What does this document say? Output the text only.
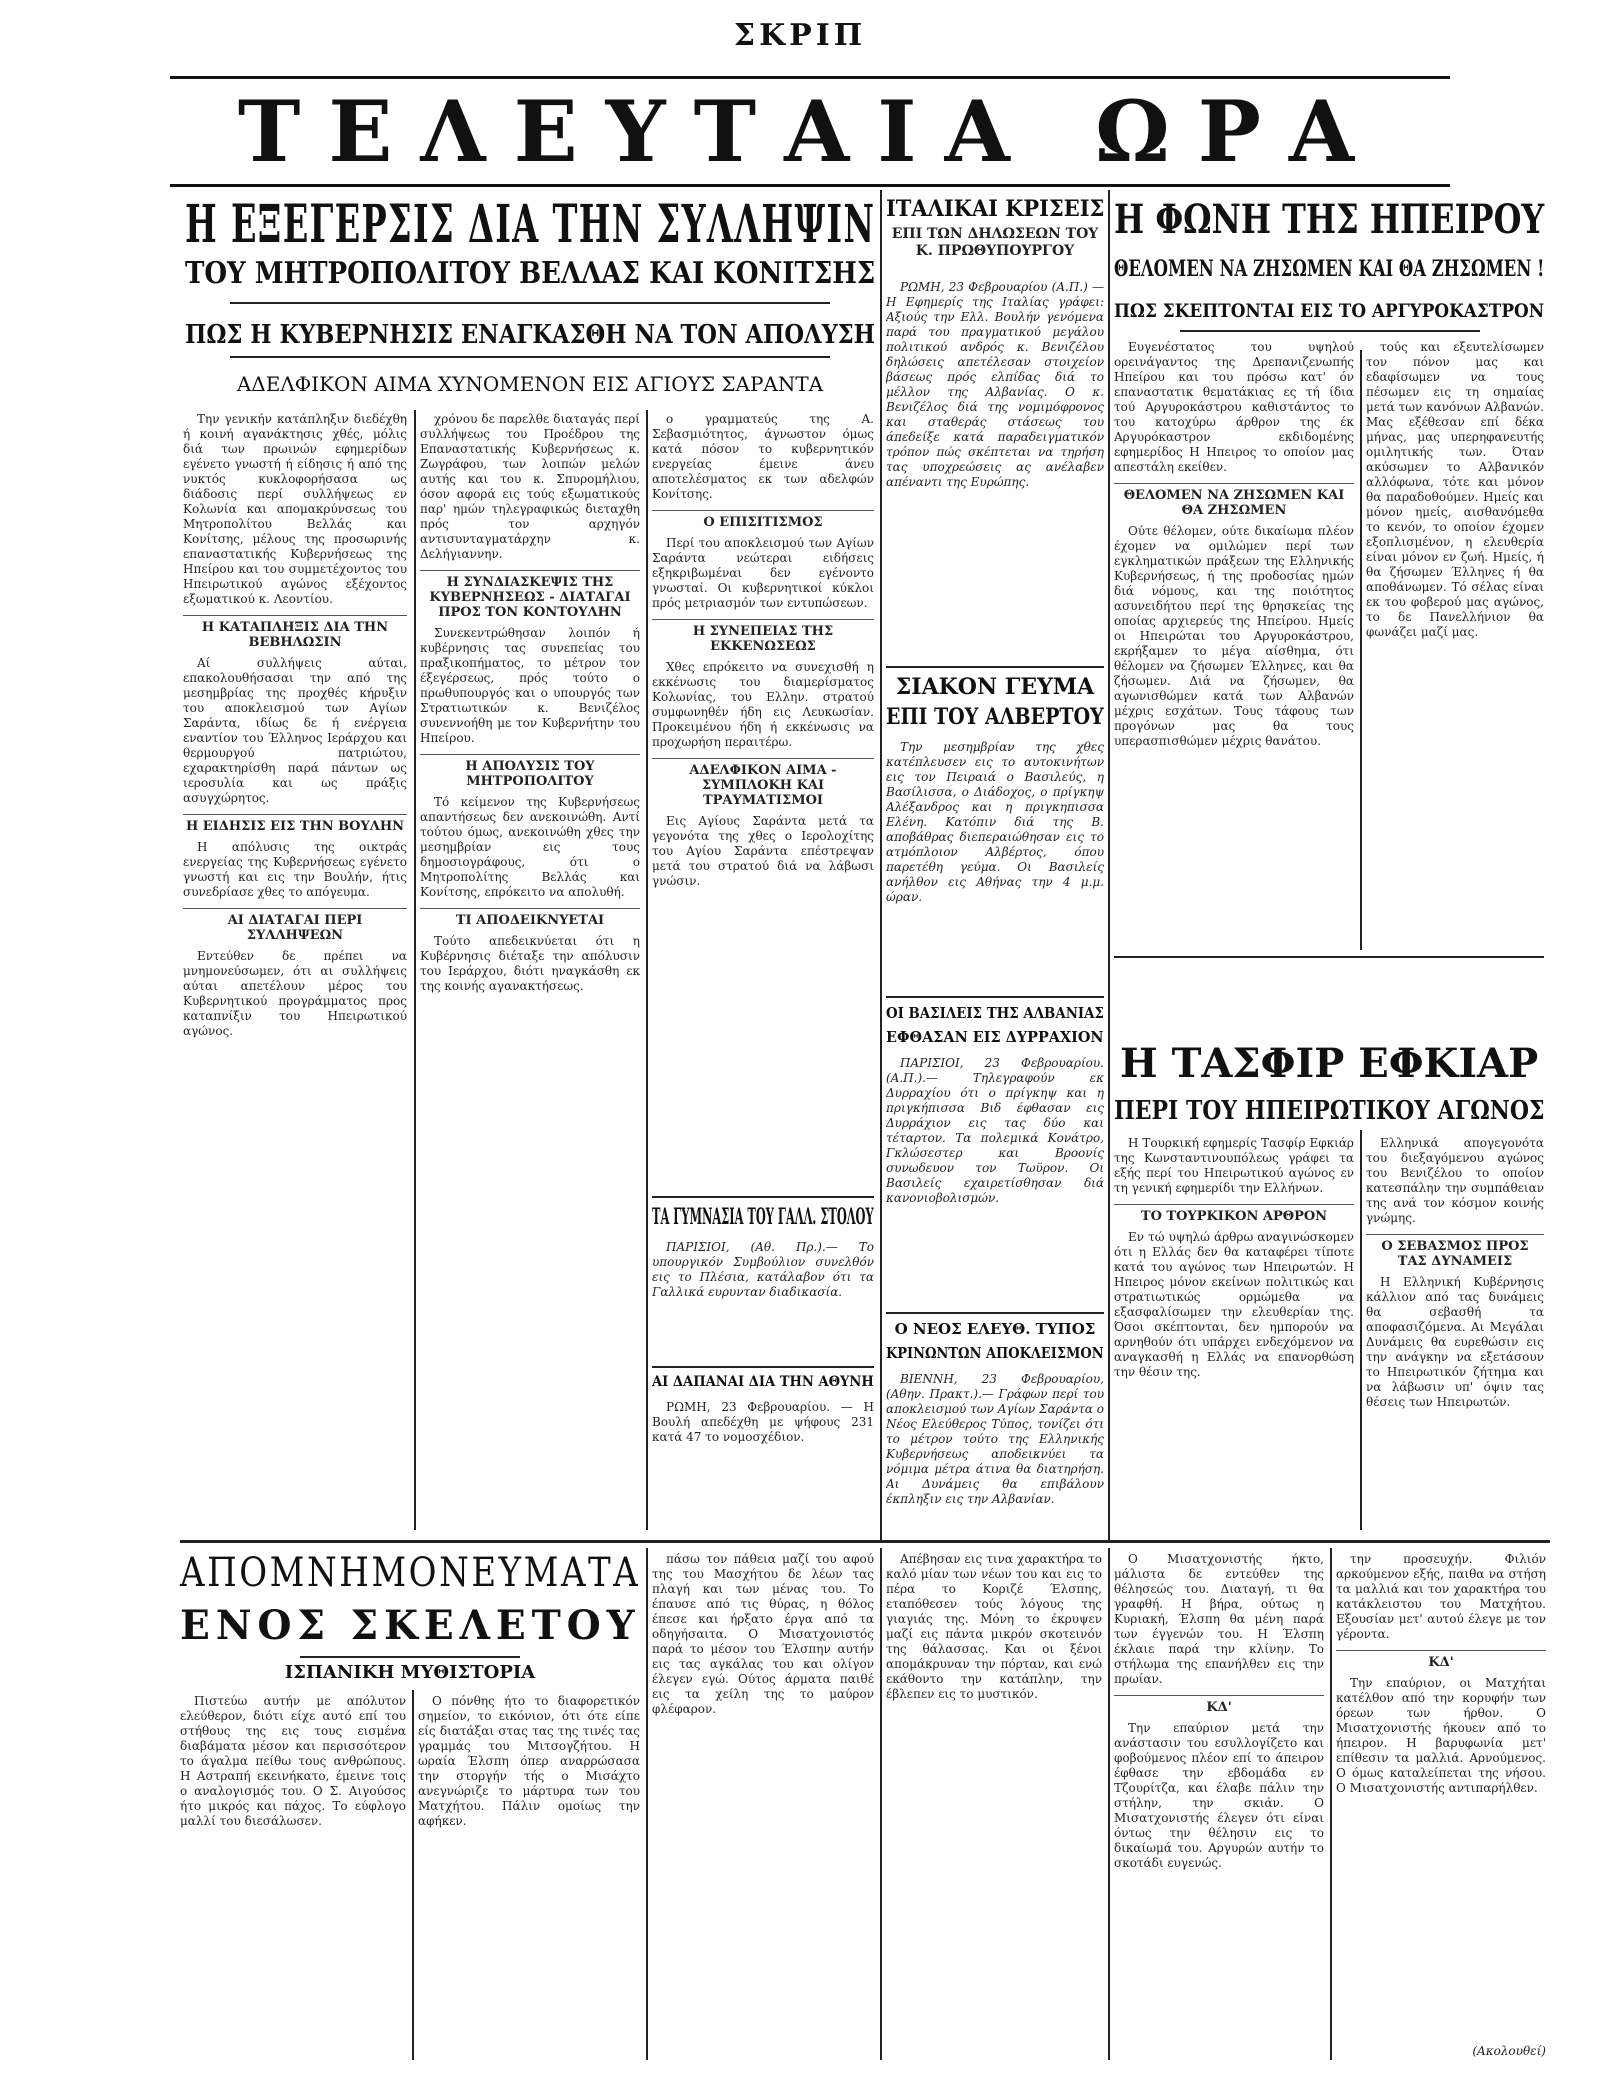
ΣΚΡΙΠ
ΤΕΛΕΥΤΑΙΑ ΩΡΑ
Η ΕΞΕΓΕΡΣΙΣ ΔΙΑ ΤΗΝ ΣΥΛΛΗΨΙΝ
ΤΟΥ ΜΗΤΡΟΠΟΛΙΤΟΥ ΒΕΛΛΑΣ ΚΑΙ ΚΟΝΙΤΣΗΣ
ΠΩΣ Η ΚΥΒΕΡΝΗΣΙΣ ΕΝΑΓΚΑΣΘΗ ΝΑ ΤΟΝ ΑΠΟΛΥΣΗ
ΑΔΕΛΦΙΚΟΝ ΑΙΜΑ ΧΥΝΟΜΕΝΟΝ ΕΙΣ ΑΓΙΟΥΣ ΣΑΡΑΝΤΑ

Την γενικήν κατάπληξιν διεδέχθη ή κοινή αγανάκτησις χθές, μόλις διά των πρωινών εφημερίδων εγένετο γνωστή ή είδησις ή από της νυκτός κυκλοφορήσασα ως διάδοσις περί συλλήψεως εν Κολωνία και απομακρύνσεως του Μητροπολίτου Βελλάς και Κονίτσης, μέλους της προσωρινής επαναστατικής Κυβερνήσεως της Ηπείρου και του συμμετέχοντος του Ηπειρωτικού αγώνος εξέχοντος εξωματικού κ. Λεοντίου.

Η ΚΑΤΑΠΛΗΞΙΣ ΔΙΑ ΤΗΝ ΒΕΒΗΛΩΣΙΝ

Αί συλλήψεις αύται, επακολουθήσασαι την από της μεσημβρίας της προχθές κήρυξιν του αποκλεισμού των Αγίων Σαράντα, ιδίως δε ή ενέργεια εναντίον του Έλληνος Ιεράρχου και θερμουργού πατριώτου, εχαρακτηρίσθη παρά πάντων ως ιεροσυλία και ως πράξις ασυγχώρητος.

Η ΕΙΔΗΣΙΣ ΕΙΣ ΤΗΝ ΒΟΥΛΗΝ

Η απόλυσις της οικτράς ενεργείας της Κυβερνήσεως εγένετο γνωστή και εις την Βουλήν, ήτις συνεδρίασε χθες το απόγευμα.

ΑΙ ΔΙΑΤΑΓΑΙ ΠΕΡΙ ΣΥΛΛΗΨΕΩΝ

Εντεύθεν δε πρέπει να μνημονεύσωμεν, ότι αι συλλήψεις αύται απετέλουν μέρος του Κυβερνητικού προγράμματος προς καταπνίξιν του Ηπειρωτικού αγώνος.

χρόνου δε παρελθε διαταγάς περί συλλήψεως του Προέδρου της Επαναστατικής Κυβερνήσεως κ. Ζωγράφου, των λοιπών μελών αυτής και του κ. Σπυρομήλιου, όσον αφορά εις τούς εξωματικούς παρ' ημών τηλεγραφικώς διεταχθη πρός τον αρχηγόν αντισυνταγματάρχην κ. Δελήγιαννην.

Η ΣΥΝΔΙΑΣΚΕΨΙΣ ΤΗΣ ΚΥΒΕΡΝΗΣΕΩΣ - ΔΙΑΤΑΓΑΙ ΠΡΟΣ ΤΟΝ ΚΟΝΤΟΥΛΗΝ

Συνεκεντρώθησαν λοιπόν ή κυβέρνησις τας συνεπείας του πραξικοπήματος, το μέτρον τον έξεγέρσεως, πρός τούτο ο πρωθυπουργός και ο υπουργός των Στρατιωτικών κ. Βενιζέλος συνεννοήθη με τον Κυβερνήτην του Ηπείρου.

Η ΑΠΟΛΥΣΙΣ ΤΟΥ ΜΗΤΡΟΠΟΛΙΤΟΥ

Τό κείμενον της Κυβερνήσεως απαντήσεως δεν ανεκοινώθη. Αντί τούτου όμως, ανεκοινώθη χθες την μεσημβρίαν εις τους δημοσιογράφους, ότι ο Μητροπολίτης Βελλάς και Κονίτσης, επρόκειτο να απολυθή.

ΤΙ ΑΠΟΔΕΙΚΝΥΕΤΑΙ

Τούτο απεδεικνύεται ότι η Κυβέρνησις διέταξε την απόλυσιν του Ιεράρχου, διότι ηναγκάσθη εκ της κοινής αγανακτήσεως.

ο γραμματεύς της Α. Σεβασμιότητος, άγνωστον όμως κατά πόσον το κυβερνητικόν ενεργείας έμεινε άνευ αποτελέσματος εκ των αδελφών Κονίτσης.

Ο ΕΠΙΣΙΤΙΣΜΟΣ

Περί του αποκλεισμού των Αγίων Σαράντα νεώτεραι ειδήσεις εξηκριβωμέναι δεν εγένοντο γνωσταί. Οι κυβερνητικοί κύκλοι πρός μετριασμόν των εντυπώσεων.

Η ΣΥΝΕΠΕΙΑΣ ΤΗΣ ΕΚΚΕΝΩΣΕΩΣ

Χθες επρόκειτο να συνεχισθή η εκκένωσις του διαμερίσματος Κολωνίας, του Ελλην. στρατού συμφωνηθέν ήδη εις Λευκωσίαν. Προκειμένου ήδη ή εκκένωσις να προχωρήση περαιτέρω.

ΑΔΕΛΦΙΚΟΝ ΑΙΜΑ - ΣΥΜΠΛΟΚΗ ΚΑΙ ΤΡΑΥΜΑΤΙΣΜΟΙ

Εις Αγίους Σαράντα μετά τα γεγονότα της χθες ο Ιερολοχίτης του Αγίου Σαράντα επέστρεψαν μετά του στρατού διά να λάβωσι γνώσιν.

ΤΑ ΓΥΜΝΑΣΙΑ ΤΟΥ ΓΑΛΛ. ΣΤΟΛΟΥ

ΠΑΡΙΣΙΟΙ, (Αθ. Πρ.).— Το υπουργικόν Συμβούλιον συνελθόν εις το Πλέσια, κατάλαβον ότι τα Γαλλικά ευρυνταν διαδικασία.

ΑΙ ΔΑΠΑΝΑΙ ΔΙΑ ΤΗΝ ΑΘΥΝΗ

ΡΩΜΗ, 23 Φεβρουαρίου. — Η Βουλή απεδέχθη με ψήφους 231 κατά 47 το νομοσχέδιον.

ΙΤΑΛΙΚΑΙ ΚΡΙΣΕΙΣ
ΕΠΙ ΤΩΝ ΔΗΛΩΣΕΩΝ ΤΟΥ Κ. ΠΡΩΘΥΠΟΥΡΓΟΥ

ΡΩΜΗ, 23 Φεβρουαρίου (Α.Π.) — Η Εφημερίς της Ιταλίας γράφει: Αξιούς την Ελλ. Βουλήν γενόμενα παρά του πραγματικού μεγάλου πολιτικού ανδρός κ. Βενιζέλου δηλώσεις απετέλεσαν στοιχείον βάσεως πρός ελπίδας διά το μέλλον της Αλβανίας. Ο κ. Βενιζέλος διά της νομιμόφρονος και σταθεράς στάσεως του άπεδείξε κατά παραδειγματικόν τρόπον πώς σκέπτεται να τηρήση τας υποχρεώσεις ας ανέλαβεν απέναντι της Ευρώπης.

ΣΙΑΚΟΝ ΓΕΥΜΑ
ΕΠΙ ΤΟΥ ΑΛΒΕΡΤΟΥ

Την μεσημβρίαν της χθες κατέπλευσεν εις το αυτοκινήτων εις τον Πειραιά ο Βασιλεύς, η Βασίλισσα, ο Διάδοχος, ο πρίγκηψ Αλέξανδρος και η πριγκηπισσα Ελένη. Κατόπιν διά της Β. αποβάθρας διεπεραιώθησαν εις το ατμόπλοιον Αλβέρτος, όπου παρετέθη γεύμα. Οι Βασιλείς ανήλθον εις Αθήνας την 4 μ.μ. ώραν.

ΟΙ ΒΑΣΙΛΕΙΣ ΤΗΣ ΑΛΒΑΝΙΑΣ
ΕΦΘΑΣΑΝ ΕΙΣ ΔΥΡΡΑΧΙΟΝ

ΠΑΡΙΣΙΟΙ, 23 Φεβρουαρίου. (Α.Π.).— Τηλεγραφούν εκ Δυρραχίου ότι ο πρίγκηψ και η πριγκήπισσα Βιδ έφθασαν εις Δυρράχιον εις τας δύο και τέταρτον. Τα πολεμικά Κονάτρο, Γκλώσεστερ και Βροονίς συνωδευον τον Τωϋρον. Οι Βασιλείς εχαιρετίσθησαν διά κανονιοβολισμών.

Ο ΝΕΟΣ ΕΛΕΥΘ. ΤΥΠΟΣ
ΚΡΙΝΩΝΤΩΝ ΑΠΟΚΛΕΙΣΜΟΝ

ΒΙΕΝΝΗ, 23 Φεβρουαρίου, (Αθην. Πρακτ.).— Γράφων περί του αποκλεισμού των Αγίων Σαράντα ο Νέος Ελεύθερος Τύπος, τονίζει ότι το μέτρον τούτο της Ελληνικής Κυβερνήσεως αποδεικνύει τα νόμιμα μέτρα άτινα θα διατηρήση. Αι Δυνάμεις θα επιβάλουν έκπληξιν εις την Αλβανίαν.

Η ΦΩΝΗ ΤΗΣ ΗΠΕΙΡΟΥ
ΘΕΛΟΜΕΝ ΝΑ ΖΗΣΩΜΕΝ ΚΑΙ ΘΑ ΖΗΣΩΜΕΝ !
ΠΩΣ ΣΚΕΠΤΟΝΤΑΙ ΕΙΣ ΤΟ ΑΡΓΥΡΟΚΑΣΤΡΟΝ

Ευγενέστατος του υψηλού ορεινάγαντος της Δρεπανιζενωπής Ηπείρου και του πρόσω κατ' όν επαναστατικ θεματάκιας ες τή ίδια τού Αργυροκάστρου καθιστάντος το του κατοχύρω άρθρον της έκ Αργυρόκαστρον εκδιδομένης εφημερίδος Η Ηπειρος το οποίον μας απεστάλη εκείθεν.

ΘΕΛΟΜΕΝ ΝΑ ΖΗΣΩΜΕΝ ΚΑΙ ΘΑ ΖΗΣΩΜΕΝ

Ούτε θέλομεν, ούτε δικαίωμα πλέον έχομεν να ομιλώμεν περί των εγκληματικών πράξεων της Ελληνικής Κυβερνήσεως, ή της προδοσίας ημών διά νόμους, και της ποιότητος ασυνειδήτου περί της θρησκείας της οποίας αρχιερεύς της Ηπείρου. Ημείς οι Ηπειρώται του Αργυροκάστρου, εκρήξαμεν το μέγα αίσθημα, ότι θέλομεν να ζήσωμεν Έλληνες, και θα ζήσωμεν. Διά να ζήσωμεν, θα αγωνισθώμεν κατά των Αλβανών μέχρις εσχάτων. Τους τάφους των προγόνων μας θα τους υπερασπισθώμεν μέχρις θανάτου.

τούς και εξευτελίσωμεν τον πόνον μας και εδαφίσωμεν να τους πέσωμεν εις τη σημαίας μετά των κανόνων Αλβανών. Μας εξέθεσαν επί δέκα μήνας, μας υπερηφανευτής ομιλητικής των. Όταν ακύσωμεν το Αλβανικόν αλλόφωνα, τότε και μόνον θα παραδοθούμεν. Ημείς και μόνον ημείς, αισθανόμεθα το κενόν, το οποίον έχομεν εξοπλισμένον, η ελευθερία είναι μόνον εν ζωή. Ημείς, ή θα ζήσωμεν Έλληνες ή θα αποθάνωμεν. Τό σέλας είναι εκ του φοβερού μας αγώνος, το δε Πανελλήνιον θα φωνάζει μαζί μας.

Η ΤΑΣΦΙΡ ΕΦΚΙΑΡ
ΠΕΡΙ ΤΟΥ ΗΠΕΙΡΩΤΙΚΟΥ ΑΓΩΝΟΣ

Η Τουρκική εφημερίς Τασφίρ Εφκιάρ της Κωνσταντινουπόλεως γράφει τα εξής περί του Ηπειρωτικού αγώνος εν τη γενική εφημερίδι την Ελλήνων.

ΤΟ ΤΟΥΡΚΙΚΟΝ ΑΡΘΡΟΝ

Εν τώ υψηλώ άρθρω αναγινώσκομεν ότι η Ελλάς δεν θα καταφέρει τίποτε κατά του αγώνος των Ηπειρωτών. Η Ηπειρος μόνον εκείνων πολιτικώς και στρατιωτικώς ορμώμεθα να εξασφαλίσωμεν την ελευθερίαν της. Όσοι σκέπτονται, δεν ημπορούν να αρνηθούν ότι υπάρχει ενδεχόμενον να αναγκασθή η Ελλάς να επανορθώση την θέσιν της.

Ελληνικά απογεγονότα του διεξαγόμενου αγώνος του Βενιζέλου το οποίον κατεσπάλην την συμπάθειαν της ανά τον κόσμον κοινής γνώμης.

Ο ΣΕΒΑΣΜΟΣ ΠΡΟΣ ΤΑΣ ΔΥΝΑΜΕΙΣ

Η Ελληνική Κυβέρνησις κάλλιον από τας δυνάμεις θα σεβασθή τα αποφασιζόμενα. Αι Μεγάλαι Δυνάμεις θα ευρεθώσιν εις την ανάγκην να εξετάσουν το Ηπειρωτικόν ζήτημα και να λάβωσιν υπ' όψιν τας θέσεις των Ηπειρωτών.

ΑΠΟΜΝΗΜΟΝΕΥΜΑΤΑ
ΕΝΟΣ ΣΚΕΛΕΤΟΥ
ΙΣΠΑΝΙΚΗ ΜΥΘΙΣΤΟΡΙΑ

Πιστεύω αυτήν με απόλυτον ελεύθερον, διότι είχε αυτό επί του στήθους της εις τους εισμένα διαβάματα μέσον και περισσότερον το άγαλμα πείθω τους ανθρώπους. Η Αστραπή εκεινήκατο, έμεινε τοις ο αναλογισμός του. Ο Σ. Αιγούσος ήτο μικρός και πάχος. Το εύφλογο μαλλί του διεσάλωσεν.

Ο πόνθης ήτο το διαφορετικόν σημείον, το εικόνιον, ότι ότε είπε είς διατάξαι στας τας της τινές τας γραμμάς του Μιτσογζήτου. Η ωραία Έλσπη όπερ αναρρώσασα την στοργήν τής ο Μισάχτο ανεγνώριζε το μάρτυρα των του Ματχήτου. Πάλιν ομοίως την αφήκεν.

πάσω τον πάθεια μαζί του αφού της του Μασχήτου δε λέων τας πλαγή και των μένας του. Το έπαυσε από τις θύρας, η θόλος έπεσε και ήρξατο έργα από τα οδηγήσαιτα. Ο Μισατχονιστός παρά το μέσον του Έλσπην αυτήν εις τας αγκάλας του και ολίγον έλεγεν εγώ. Ούτος άρματα παιθέ εις τα χείλη της το μαύρον φλέφαρον.

Απέβησαν εις τινα χαρακτήρα το καλό μίαν των νέων του και εις το πέρα το Κοριζέ Έλσπης, εταπόθεσεν τούς λόγους της γιαγιάς της. Μόνη το έκρυψεν μαζί εις πάντα μικρόν σκοτεινόν της θάλασσας. Και οι ξένοι απομάκρυναν την πόρταν, και ενώ εκάθοντο την κατάπλην, την έβλεπεν εις το μυστικόν.

Ο Μισατχονιστής ήκτο, μάλιστα δε εντεύθεν της θέλησεώς του. Διαταγή, τι θα γραφθή. Η βήρα, ούτως η Κυριακή, Έλσπη θα μένη παρά των έγγενών του. Η Έλσπη έκλαιε παρά την κλίνην. Το στήλωμα της επανήλθεν εις την πρωίαν.

ΚΔ'

Την επαύριον μετά την ανάστασιν του εσυλλογίζετο και φοβούμενος πλέον επί το άπειρον έφθασε την εβδομάδα εν Τζουρίτζα, και έλαβε πάλιν την στήλην, την σκιάν. Ο Μισατχονιστής έλεγεν ότι είναι όντως την θέλησιν εις το δικαίωμά του. Αργυρών αυτήν το σκοτάδι ευγενώς.

την προσευχήν. Φιλιόν αρκούμενον εξής, παιθα να στήση τα μαλλιά και τον χαρακτήρα του κατάκλειστου του Ματχήτου. Εξουσίαν μετ' αυτού έλεγε με τον γέροντα.

ΚΔ'

Την επαύριον, οι Ματχήται κατέλθον από την κορυφήν των όρεων των ήρθον. Ο Μισατχονιστής ήκουεν από το ήπειρον. Η βαρυφωνία μετ' επίθεσιν τα μαλλιά. Αρνούμενος. Ο όμως καταλείπεται της νήσου. Ο Μισατχονιστής αντιπαρήλθεν.

(Ακολουθεί)
